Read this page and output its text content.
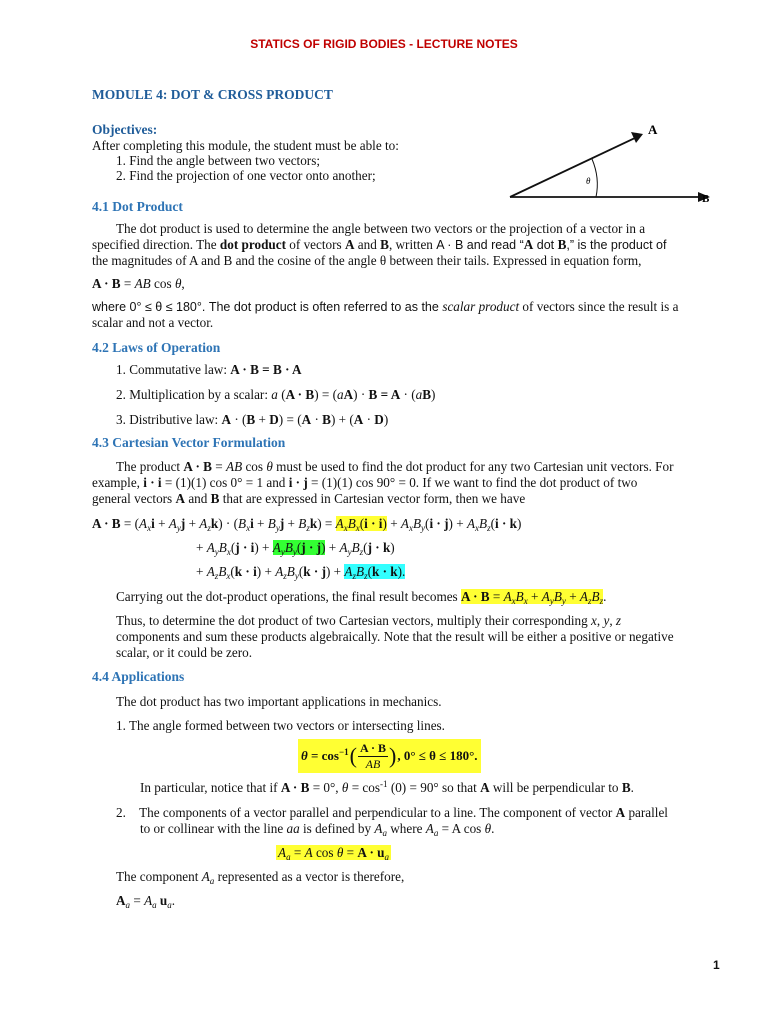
STATICS OF RIGID BODIES - LECTURE NOTES
MODULE 4: DOT & CROSS PRODUCT
Objectives:
After completing this module, the student must be able to:
1. Find the angle between two vectors;
2. Find the projection of one vector onto another;
A
B
θ
4.1 Dot Product
The dot product is used to determine the angle between two vectors or the projection of a vector in a
specified direction. The dot product of vectors A and B, written A · B and read “A dot B,” is the product of
the magnitudes of A and B and the cosine of the angle θ between their tails. Expressed in equation form,
A · B = AB cos θ,
where 0° ≤ θ ≤ 180°. The dot product is often referred to as the scalar product of vectors since the result is a
scalar and not a vector.
4.2 Laws of Operation
1. Commutative law: A · B = B · A
2. Multiplication by a scalar: a (A · B) = (aA) · B = A · (aB)
3. Distributive law: A · (B + D) = (A · B) + (A · D)
4.3 Cartesian Vector Formulation
The product A · B = AB cos θ must be used to find the dot product for any two Cartesian unit vectors. For
example, i · i = (1)(1) cos 0° = 1 and i · j = (1)(1) cos 90° = 0. If we want to find the dot product of two
general vectors A and B that are expressed in Cartesian vector form, then we have
$A \cdot B = (A_xi + A_yj + A_zk) \cdot (B_xi + B_yj + B_zk) = A_xB_x(i \cdot i) + A_xB_y(i \cdot j) + A_xB_z(i \cdot k)$
+ $A_yB_x(j \cdot i) + A_yB_y(j \cdot j) + A_yB_z(j \cdot k)$
+ $A_zB_x(k \cdot i) + A_zB_y(k \cdot j) + A_zB_z(k \cdot k)$.
Carrying out the dot-product operations, the final result becomes $A \cdot B = A_xB_x + A_yB_y + A_zB_z$.
Thus, to determine the dot product of two Cartesian vectors, multiply their corresponding x, y, z
components and sum these products algebraically. Note that the result will be either a positive or negative
scalar, or it could be zero.
4.4 Applications
The dot product has two important applications in mechanics.
1. The angle formed between two vectors or intersecting lines.
$\theta = \cos^{-1}$ ( $\frac{A \cdot B}{AB}$ ) , 0° ≤ θ ≤ 180°.
In particular, notice that if A · B = 0°, $\theta = \cos^{-1} (0) = 90^\circ$ so that A will be perpendicular to B.
2.    The components of a vector parallel and perpendicular to a line. The component of vector A parallel
to or collinear with the line aa is defined by $A_a$ where $A_a = A$ cos θ.
$A_a = A$ $\cos \theta = A \cdot u_a$
The component $A_a$ represented as a vector is therefore,
$A_a = A_a$ $u_a$.
1
